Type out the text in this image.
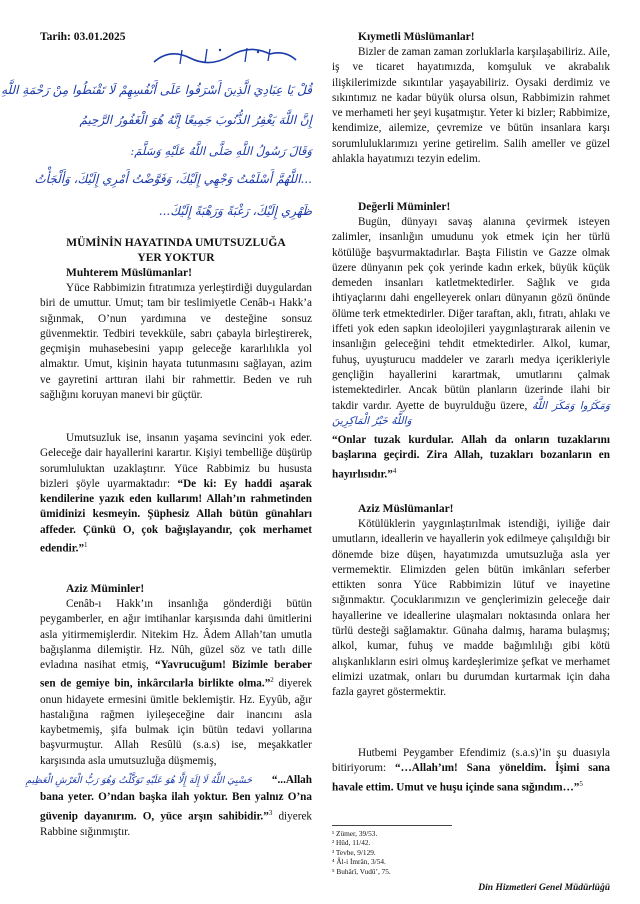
Tarih: 03.01.2025
قُلْ يَا عِبَادِيَ الَّذِينَ أَسْرَفُوا عَلَى أَنْفُسِهِمْ لَا تَقْنَطُوا مِنْ رَحْمَةِ اللَّهِ
إِنَّ اللَّهَ يَغْفِرُ الذُّنُوبَ جَمِيعًا إِنَّهُ هُوَ الْغَفُورُ الرَّحِيمُ
وَقَالَ رَسُولُ اللَّهِ صَلَّى اللَّهُ عَلَيْهِ وَسَلَّمَ:
...اللَّهُمَّ أَسْلَمْتُ وَجْهِي إِلَيْكَ، وَفَوَّضْتُ أَمْرِي إِلَيْكَ، وَأَلْجَأْتُ
ظَهْرِي إِلَيْكَ، رَغْبَةً وَرَهْبَةً إِلَيْكَ...
MÜMİNİN HAYATINDA UMUTSUZLUĞA
YER YOKTUR
Muhterem Müslümanlar!

Yüce Rabbimizin fıtratımıza yerleştirdiği duygulardan biri de umuttur. Umut; tam bir teslimiyetle Cenâb-ı Hakk’a sığınmak, O’nun yardımına ve desteğine sonsuz güvenmektir. Tedbiri tevekküle, sabrı çabayla birleştirerek, geçmişin muhasebesini yapıp geleceğe kararlılıkla yol almaktır. Umut, kişinin hayata tutunmasını sağlayan, azim ve gayretini arttıran ilahi bir rahmettir. Beden ve ruh sağlığını koruyan manevi bir güçtür.

Umutsuzluk ise, insanın yaşama sevincini yok eder. Geleceğe dair hayallerini karartır. Kişiyi tembelliğe düşürüp sorumluluktan uzaklaştırır. Yüce Rabbimiz bu hususta bizleri şöyle uyarmaktadır: “De ki: Ey haddi aşarak kendilerine yazık eden kullarım! Allah’ın rahmetinden ümidinizi kesmeyin. Şüphesiz Allah bütün günahları affeder. Çünkü O, çok bağışlayandır, çok merhamet edendir.”$^1$

Aziz Müminler!

Cenâb-ı Hakk’ın insanlığa gönderdiği bütün peygamberler, en ağır imtihanlar karşısında dahi ümitlerini asla yitirmemişlerdir. Nitekim Hz. Âdem Allah’tan umutla bağışlanma dilemiştir. Hz. Nûh, güzel söz ve tatlı dille evladına nasihat etmiş, “Yavrucuğum! Bizimle beraber sen de gemiye bin, inkârcılarla birlikte olma.”$^2$ diyerek onun hidayete ermesini ümitle beklemiştir. Hz. Eyyûb, ağır hastalığına rağmen iyileşeceğine dair inancını asla kaybetmemiş, şifa bulmak için bütün tedavi yollarına başvurmuştur. Allah Resûlü (s.a.s) ise, meşakkatler karşısında asla umutsuzluğa düşmemiş,

حَسْبِيَ اللَّهُ لَا إِلَهَ إِلَّا هُوَ عَلَيْهِ تَوَكَّلْتُ وَهُوَ رَبُّ الْعَرْشِ الْعَظِيمِ “...Allah

bana yeter. O’ndan başka ilah yoktur. Ben yalnız O’na güvenip dayanırım. O, yüce arşın sahibidir.”$^3$ diyerek Rabbine sığınmıştır.

Kıymetli Müslümanlar!

Bizler de zaman zaman zorluklarla karşılaşabiliriz. Aile, iş ve ticaret hayatımızda, komşuluk ve akrabalık ilişkilerimizde sıkıntılar yaşayabiliriz. Oysaki derdimiz ve sıkıntımız ne kadar büyük olursa olsun, Rabbimizin rahmet ve merhameti her şeyi kuşatmıştır. Yeter ki bizler; Rabbimize, kendimize, ailemize, çevremize ve bütün insanlara karşı sorumluluklarımızı yerine getirelim. Salih ameller ve güzel ahlakla hayatımızı tezyin edelim.

Değerli Müminler!

Bugün, dünyayı savaş alanına çevirmek isteyen zalimler, insanlığın umudunu yok etmek için her türlü kötülüğe başvurmaktadırlar. Başta Filistin ve Gazze olmak üzere dünyanın pek çok yerinde kadın erkek, büyük küçük demeden insanları katletmektedirler. Sağlık ve gıda ihtiyaçlarını dahi engelleyerek onları dünyanın gözü önünde ölüme terk etmektedirler. Diğer taraftan, aklı, fıtratı, ahlakı ve iffeti yok eden sapkın ideolojileri yaygınlaştırarak ailenin ve insanlığın geleceğini tehdit etmektedirler. Alkol, kumar, fuhuş, uyuşturucu maddeler ve zararlı medya içerikleriyle gençliğin hayallerini karartmak, umutlarını çalmak istemektedirler. Ancak bütün planların üzerinde ilahi bir takdir vardır. Ayette de buyrulduğu üzere, وَمَكَرُوا وَمَكَرَ اللَّهُ وَاللَّهُ خَيْرُ الْمَاكِرِينَ

“Onlar tuzak kurdular. Allah da onların tuzaklarını başlarına geçirdi. Zira Allah, tuzakları bozanların en hayırlısıdır.”$^4$

Aziz Müslümanlar!

Kötülüklerin yaygınlaştırılmak istendiği, iyiliğe dair umutların, ideallerin ve hayallerin yok edilmeye çalışıldığı bir dönemde bize düşen, hayatımızda umutsuzluğa asla yer vermemektir. Elimizden gelen bütün imkânları seferber ettikten sonra Yüce Rabbimizin lütuf ve inayetine sığınmaktır. Çocuklarımızın ve gençlerimizin geleceğe dair hayallerine ve ideallerine ulaşmaları noktasında onlara her türlü desteği sağlamaktır. Günaha dalmış, harama bulaşmış; alkol, kumar, fuhuş ve madde bağımlılığı gibi kötü alışkanlıkların esiri olmuş kardeşlerimize şefkat ve merhamet elimizi uzatmak, onları bu durumdan kurtarmak için daha fazla gayret göstermektir.

Hutbemi Peygamber Efendimiz (s.a.s)’in şu duasıyla bitiriyorum: “…Allah’ım! Sana yöneldim. İşimi sana havale ettim. Umut ve huşu içinde sana sığındım…”$^5$

¹ Zümer, 39/53.
² Hûd, 11/42.
³ Tevbe, 9/129.
⁴ Âl-i İmrân, 3/54.
⁵ Buhârî, Vudû’, 75.
Din Hizmetleri Genel Müdürlüğü
